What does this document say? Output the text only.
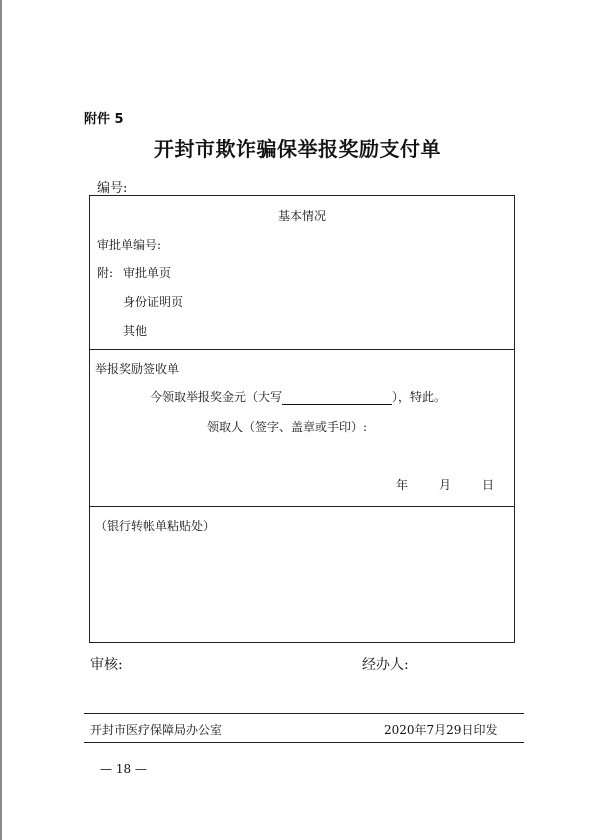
附件 5
开封市欺诈骗保举报奖励支付单
编号:
基本情况
审批单编号:
附: 审批单页
身份证明页
其他
举报奖励签收单
今领取举报奖金元（大写	），特此。
领取人（签字、盖章或手印）:
年	月	日
（银行转帐单粘贴处）
审核:	经办人:
开封市医疗保障局办公室	2020年7月29日印发
— 18 —
